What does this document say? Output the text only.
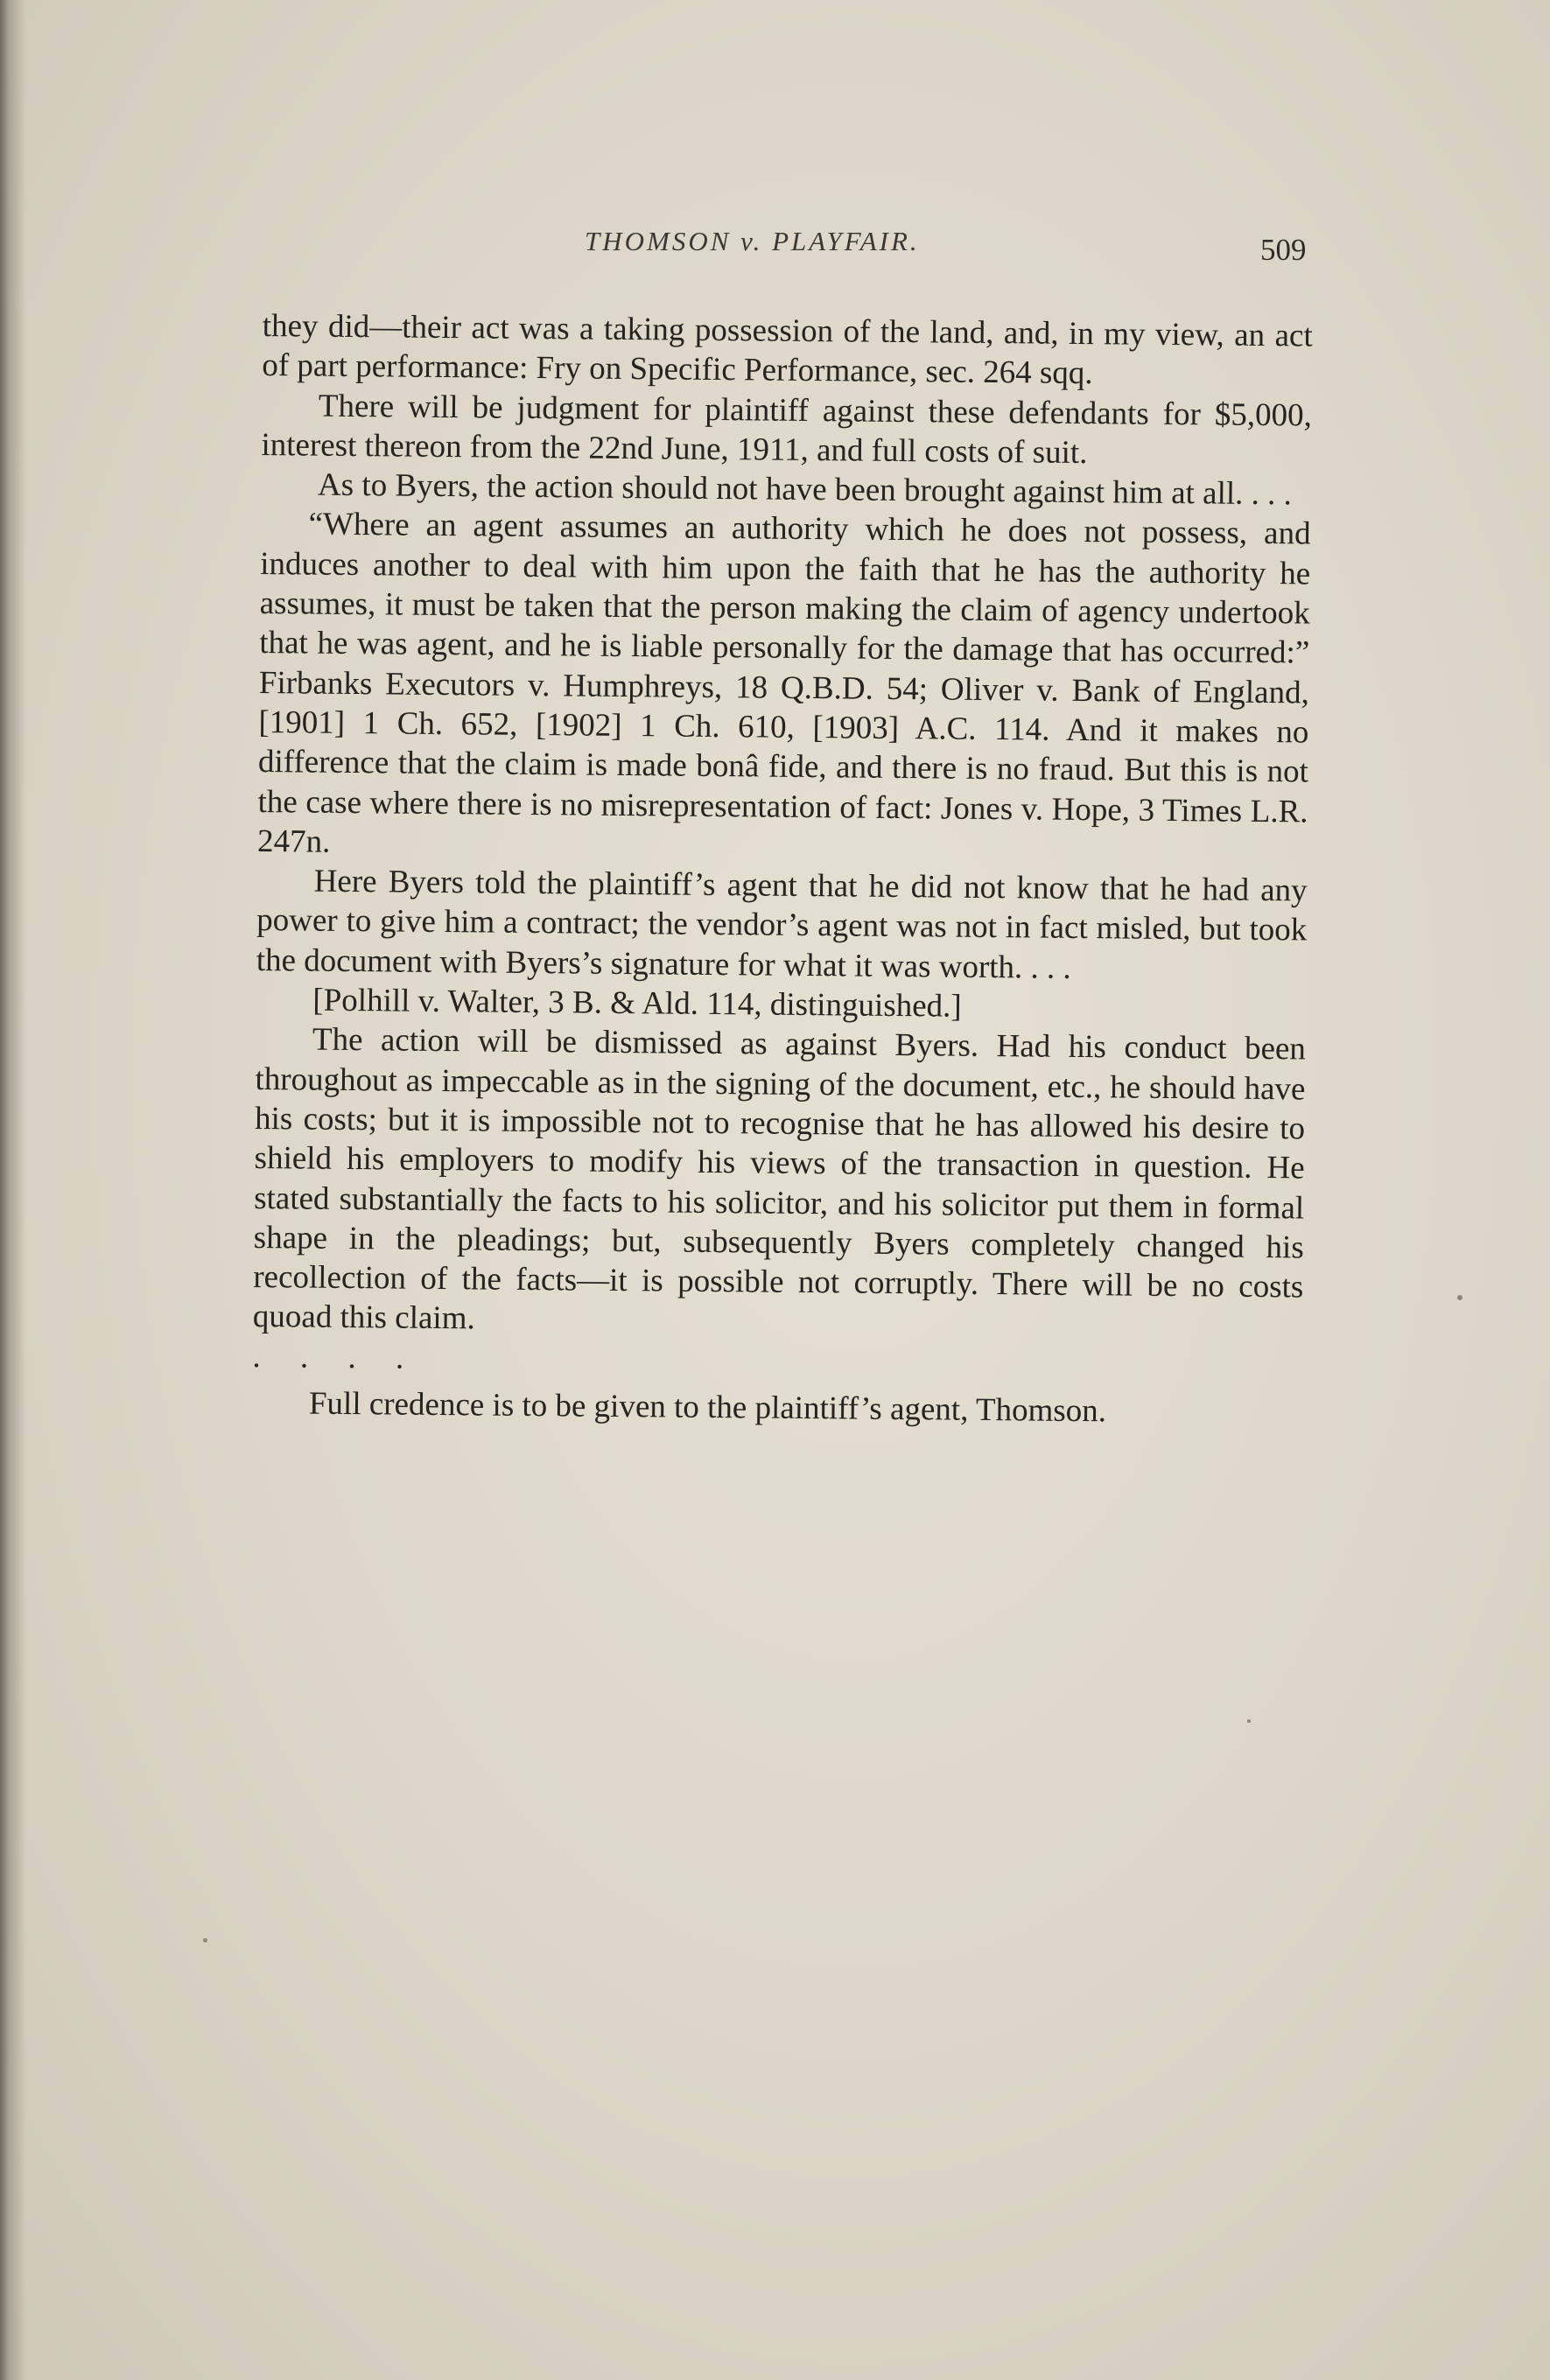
THOMSON v. PLAYFAIR.	509

they did—their act was a taking possession of the land, and, in my view, an act of part performance: Fry on Specific Performance, sec. 264 sqq.

There will be judgment for plaintiff against these defendants for $5,000, interest thereon from the 22nd June, 1911, and full costs of suit.

As to Byers, the action should not have been brought against him at all. . . .

“Where an agent assumes an authority which he does not possess, and induces another to deal with him upon the faith that he has the authority he assumes, it must be taken that the person making the claim of agency undertook that he was agent, and he is liable personally for the damage that has occurred:” Firbanks Executors v. Humphreys, 18 Q.B.D. 54; Oliver v. Bank of England, [1901] 1 Ch. 652, [1902] 1 Ch. 610, [1903] A.C. 114. And it makes no difference that the claim is made bonâ fide, and there is no fraud. But this is not the case where there is no misrepresentation of fact: Jones v. Hope, 3 Times L.R. 247n.

Here Byers told the plaintiff’s agent that he did not know that he had any power to give him a contract; the vendor’s agent was not in fact misled, but took the document with Byers’s signature for what it was worth. . . .

[Polhill v. Walter, 3 B. & Ald. 114, distinguished.]

The action will be dismissed as against Byers. Had his conduct been throughout as impeccable as in the signing of the document, etc., he should have his costs; but it is impossible not to recognise that he has allowed his desire to shield his employers to modify his views of the transaction in question. He stated substantially the facts to his solicitor, and his solicitor put them in formal shape in the pleadings; but, subsequently Byers completely changed his recollection of the facts—it is possible not corruptly. There will be no costs quoad this claim.

. . . .

Full credence is to be given to the plaintiff’s agent, Thomson.
